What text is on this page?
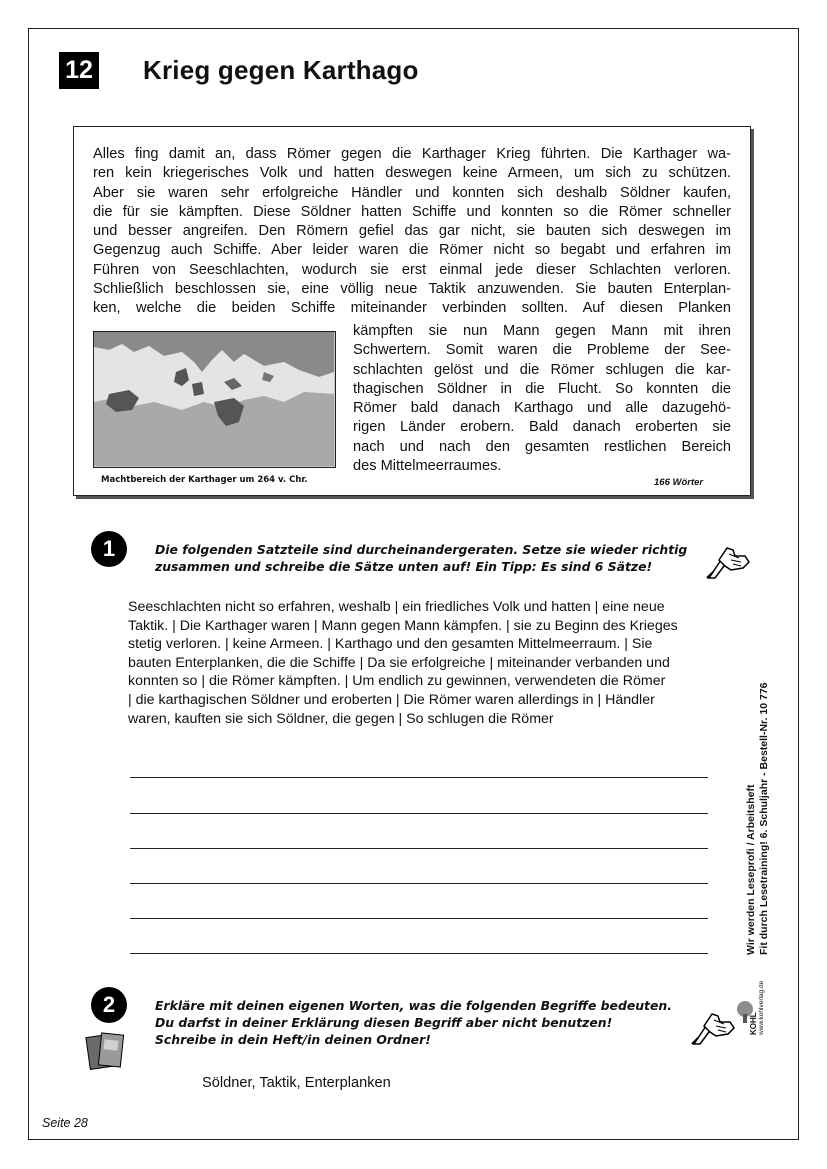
12 Krieg gegen Karthago
Alles fing damit an, dass Römer gegen die Karthager Krieg führten. Die Karthager wa-
ren kein kriegerisches Volk und hatten deswegen keine Armeen, um sich zu schützen.
Aber sie waren sehr erfolgreiche Händler und konnten sich deshalb Söldner kaufen,
die für sie kämpften. Diese Söldner hatten Schiffe und konnten so die Römer schneller
und besser angreifen. Den Römern gefiel das gar nicht, sie bauten sich deswegen im
Gegenzug auch Schiffe. Aber leider waren die Römer nicht so begabt und erfahren im
Führen von Seeschlachten, wodurch sie erst einmal jede dieser Schlachten verloren.
Schließlich beschlossen sie, eine völlig neue Taktik anzuwenden. Sie bauten Enterplan-
ken, welche die beiden Schiffe miteinander verbinden sollten. Auf diesen Planken
Machtbereich der Karthager um 264 v. Chr.
kämpften sie nun Mann gegen Mann mit ihren
Schwertern. Somit waren die Probleme der See-
schlachten gelöst und die Römer schlugen die kar-
thagischen Söldner in die Flucht. So konnten die
Römer bald danach Karthago und alle dazugehö-
rigen Länder erobern. Bald danach eroberten sie
nach und nach den gesamten restlichen Bereich
des Mittelmeerraumes.
166 Wörter
1	Die folgenden Satzteile sind durcheinandergeraten. Setze sie wieder richtig
zusammen und schreibe die Sätze unten auf! Ein Tipp: Es sind 6 Sätze!
Seeschlachten nicht so erfahren, weshalb | ein friedliches Volk und hatten | eine neue
Taktik. | Die Karthager waren | Mann gegen Mann kämpfen. | sie zu Beginn des Krieges
stetig verloren. | keine Armeen. | Karthago und den gesamten Mittelmeerraum. | Sie
bauten Enterplanken, die die Schiffe | Da sie erfolgreiche | miteinander verbanden und
konnten so | die Römer kämpften. | Um endlich zu gewinnen, verwendeten die Römer
| die karthagischen Söldner und eroberten | Die Römer waren allerdings in | Händler
waren, kauften sie sich Söldner, die gegen | So schlugen die Römer
2	Erkläre mit deinen eigenen Worten, was die folgenden Begriffe bedeuten.
Du darfst in deiner Erklärung diesen Begriff aber nicht benutzen!
Schreibe in dein Heft/in deinen Ordner!
Söldner, Taktik, Enterplanken
Wir werden Leseprofi / Arbeitsheft Fit durch Lesetraining! 6. Schuljahr - Bestell-Nr. 10 776
KOHL www.kohlverlag.de
Seite 28
